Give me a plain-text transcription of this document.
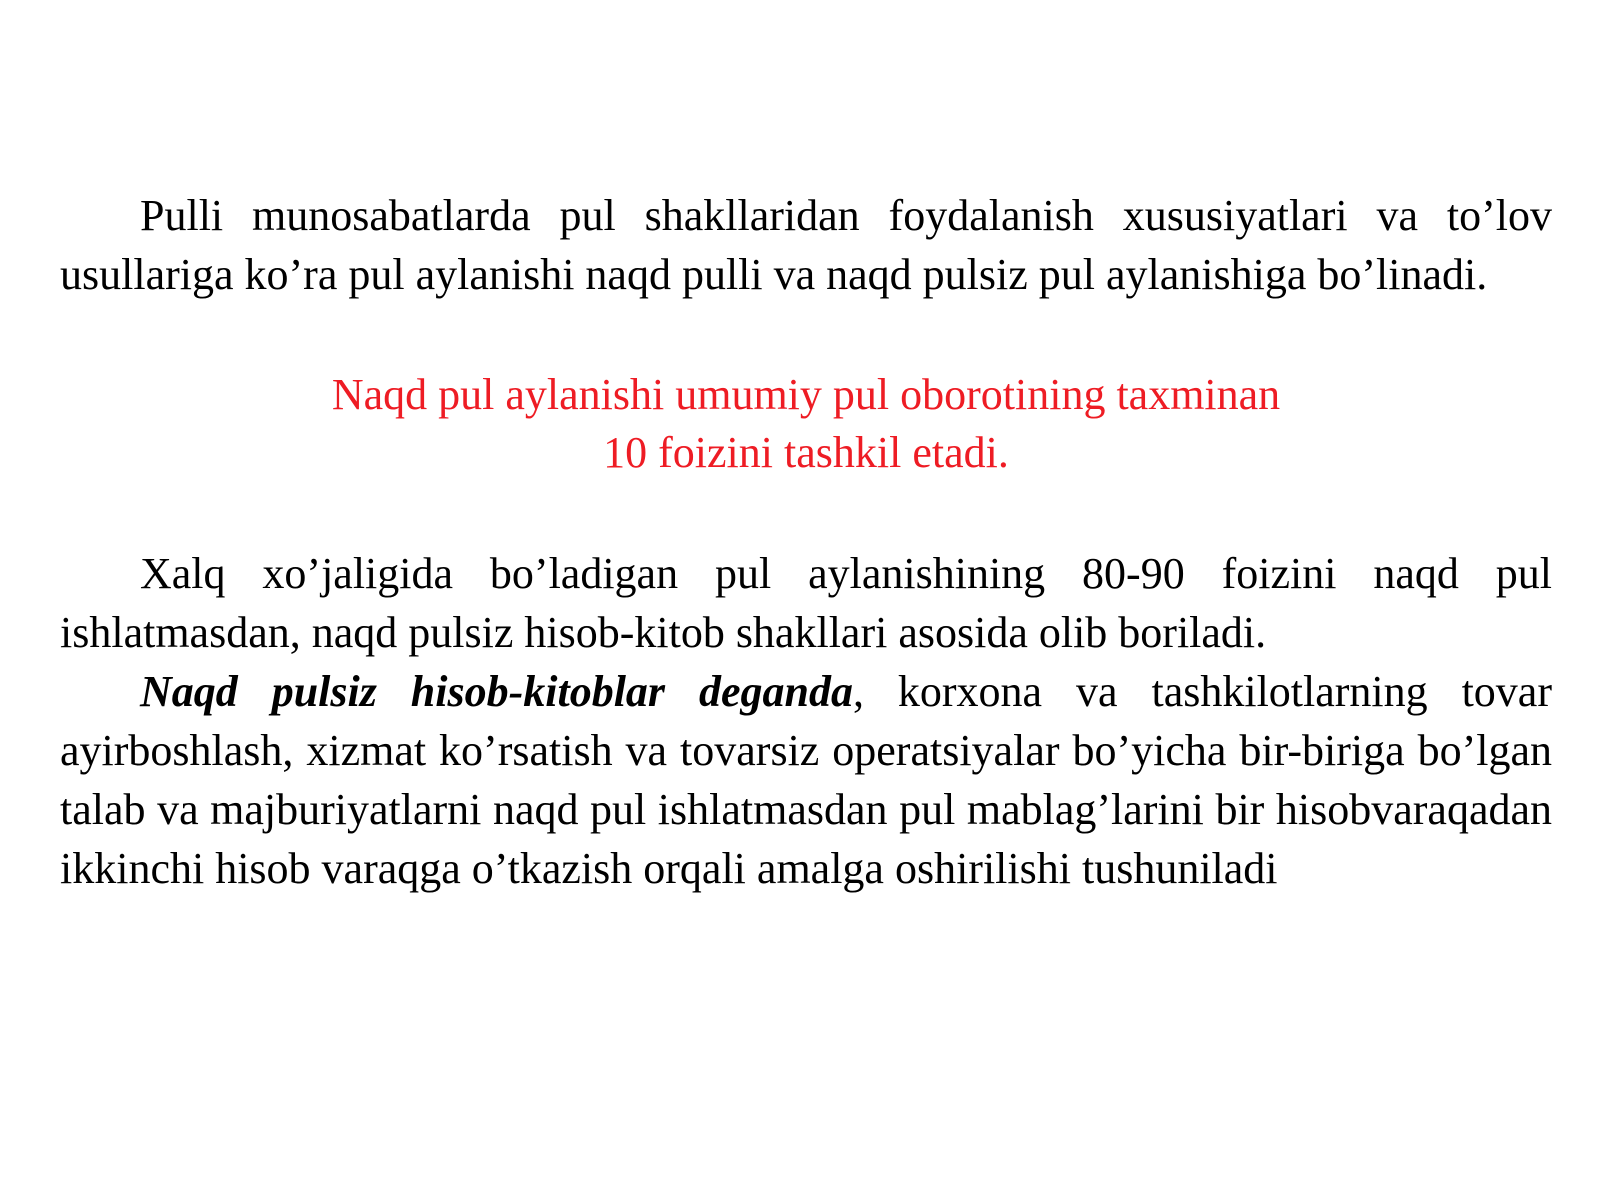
Pulli munosabatlarda pul shakllaridan foydalanish xususiyatlari va to’lov usullariga ko’ra pul aylanishi naqd pulli va naqd pulsiz pul aylanishiga bo’linadi.

Naqd pul aylanishi umumiy pul oborotining taxminan
10 foizini tashkil etadi.

Xalq xo’jaligida bo’ladigan pul aylanishining 80-90 foizini naqd pul ishlatmasdan, naqd pulsiz hisob-kitob shakllari asosida olib boriladi.

Naqd pulsiz hisob-kitoblar deganda, korxona va tashkilotlarning tovar ayirboshlash, xizmat ko’rsatish va tovarsiz operatsiyalar bo’yicha bir-biriga bo’lgan talab va majburiyatlarni naqd pul ishlatmasdan pul mablag’larini bir hisobvaraqadan ikkinchi hisob varaqga o’tkazish orqali amalga oshirilishi tushuniladi
